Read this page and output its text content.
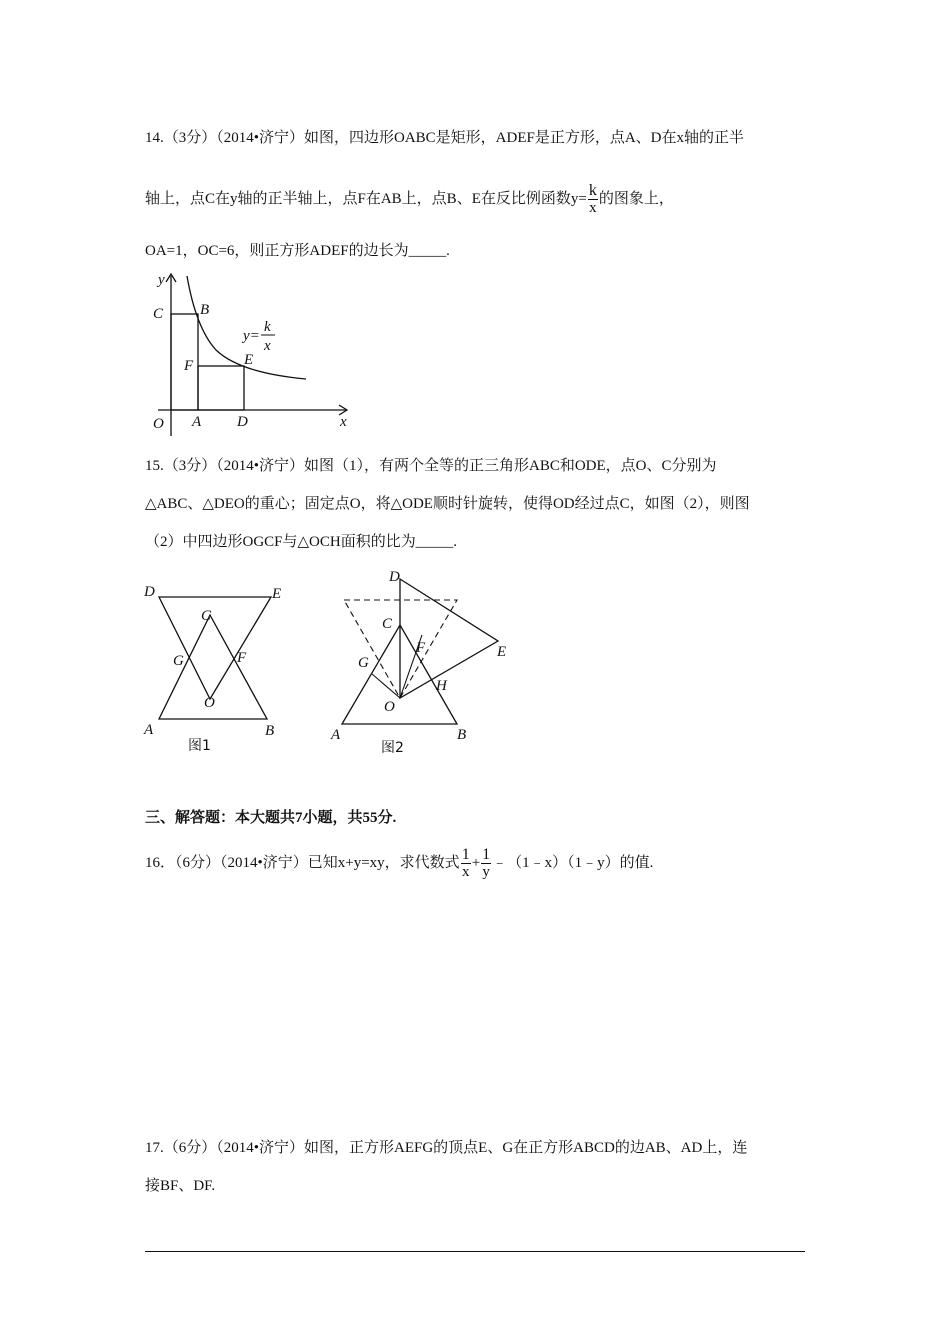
14.（3分）（2014•济宁）如图，四边形OABC是矩形，ADEF是正方形，点A、D在x轴的正半
轴上，点C在y轴的正半轴上，点F在AB上，点B、E在反比例函数$y= \frac{k}{x}$ 的图象上，
OA=1，OC=6，则正方形ADEF的边长为_____.
y
C B
F	E
O A D	x
y=
k
x
15.（3分）（2014•济宁）如图（1），有两个全等的正三角形ABC和ODE，点O、C分别为
△ABC、△DEO的重心；固定点O，将△ODE顺时针旋转，使得OD经过点C，如图（2），则图
（2）中四边形OGCF与△OCH面积的比为_____.
D	E
C
G	F
O
A	B
图1
D
C
F	E
G
H
O
A	B
图2
三、解答题：本大题共7小题，共55分.
16．（6分）（2014•济宁）已知x+y=xy，求代数式 $\frac{1}{x} + \frac{1}{y}$ ﹣（1﹣x）（1﹣y）的值.
17.（6分）（2014•济宁）如图，正方形AEFG的顶点E、G在正方形ABCD的边AB、AD上，连
接BF、DF.
